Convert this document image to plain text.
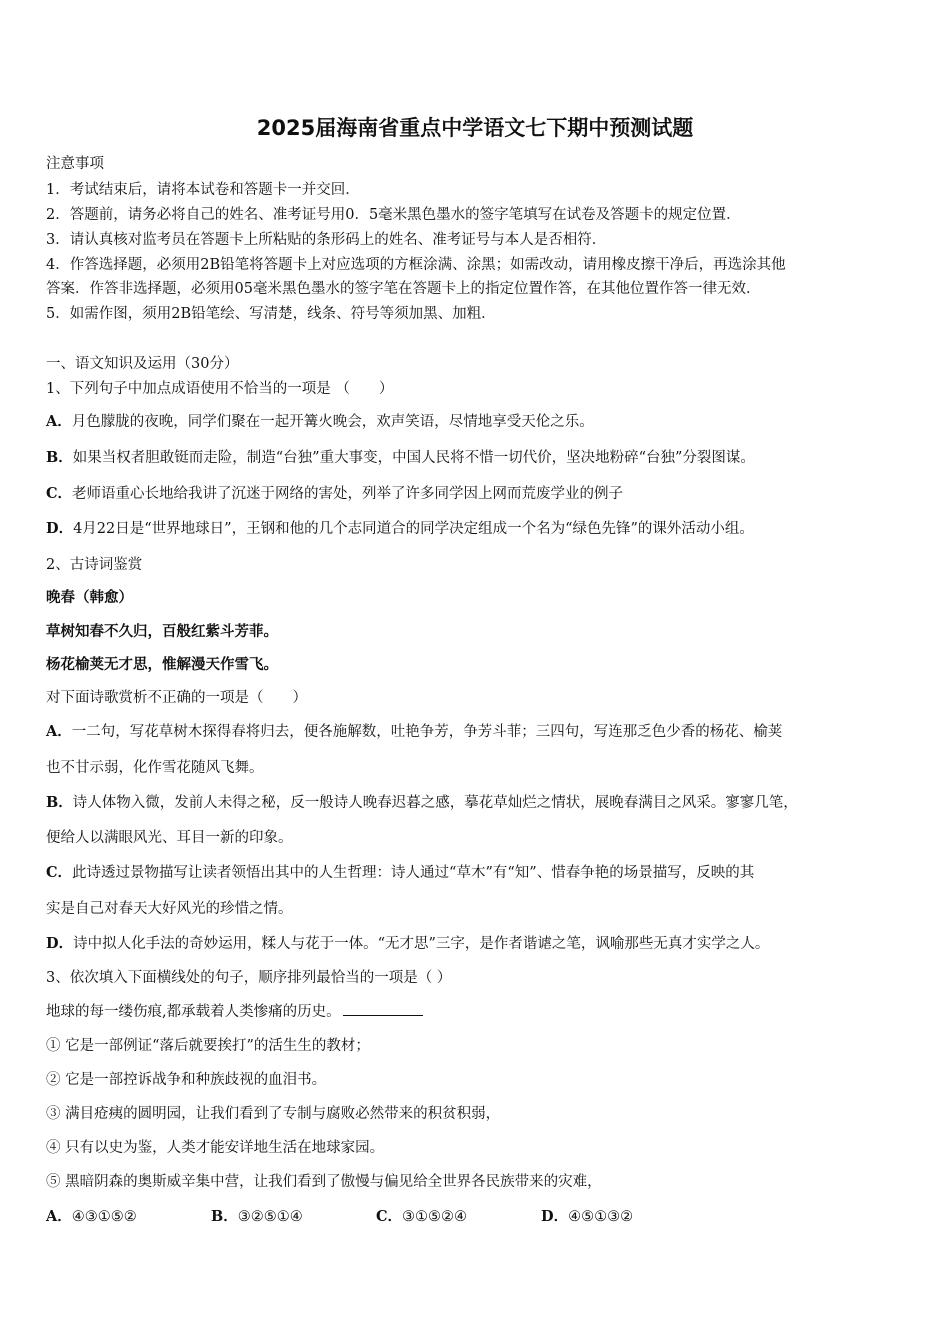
2025届海南省重点中学语文七下期中预测试题
注意事项
1．考试结束后，请将本试卷和答题卡一并交回．
2．答题前，请务必将自己的姓名、准考证号用0．5毫米黑色墨水的签字笔填写在试卷及答题卡的规定位置．
3．请认真核对监考员在答题卡上所粘贴的条形码上的姓名、准考证号与本人是否相符．
4．作答选择题，必须用2B铅笔将答题卡上对应选项的方框涂满、涂黑；如需改动，请用橡皮擦干净后，再选涂其他
答案．作答非选择题，必须用05毫米黑色墨水的签字笔在答题卡上的指定位置作答，在其他位置作答一律无效．
5．如需作图，须用2B铅笔绘、写清楚，线条、符号等须加黑、加粗．
一、语文知识及运用（30分）
1、下列句子中加点成语使用不恰当的一项是 （　　）
A．月色朦胧的夜晚，同学们聚在一起开篝火晚会，欢声笑语，尽情地享受天伦之乐。
B．如果当权者胆敢铤而走险，制造“台独”重大事变，中国人民将不惜一切代价，坚决地粉碎“台独”分裂图谋。
C．老师语重心长地给我讲了沉迷于网络的害处，列举了许多同学因上网而荒废学业的例子
D．4月22日是“世界地球日”，王钢和他的几个志同道合的同学决定组成一个名为“绿色先锋”的课外活动小组。
2、古诗词鉴赏
晚春（韩愈）
草树知春不久归，百般红紫斗芳菲。
杨花榆荚无才思，惟解漫天作雪飞。
对下面诗歌赏析不正确的一项是（　　）
A．一二句，写花草树木探得春将归去，便各施解数，吐艳争芳，争芳斗菲；三四句，写连那乏色少香的杨花、榆荚
也不甘示弱，化作雪花随风飞舞。
B．诗人体物入微，发前人未得之秘，反一般诗人晚春迟暮之感，摹花草灿烂之情状，展晚春满目之风采。寥寥几笔，
便给人以满眼风光、耳目一新的印象。
C．此诗透过景物描写让读者领悟出其中的人生哲理：诗人通过“草木”有“知”、惜春争艳的场景描写，反映的其
实是自己对春天大好风光的珍惜之情。
D．诗中拟人化手法的奇妙运用，糅人与花于一体。“无才思”三字，是作者谐谑之笔，讽喻那些无真才实学之人。
3、依次填入下面横线处的句子，顺序排列最恰当的一项是（ ）
地球的每一缕伤痕,都承载着人类惨痛的历史。
① 它是一部例证“落后就要挨打”的活生生的教材；
② 它是一部控诉战争和种族歧视的血泪书。
③ 满目疮痍的圆明园，让我们看到了专制与腐败必然带来的积贫积弱，
④ 只有以史为鉴，人类才能安详地生活在地球家园。
⑤ 黑暗阴森的奥斯威辛集中营，让我们看到了傲慢与偏见给全世界各民族带来的灾难，
A．④③①⑤②	B．③②⑤①④	C．③①⑤②④	D．④⑤①③②
